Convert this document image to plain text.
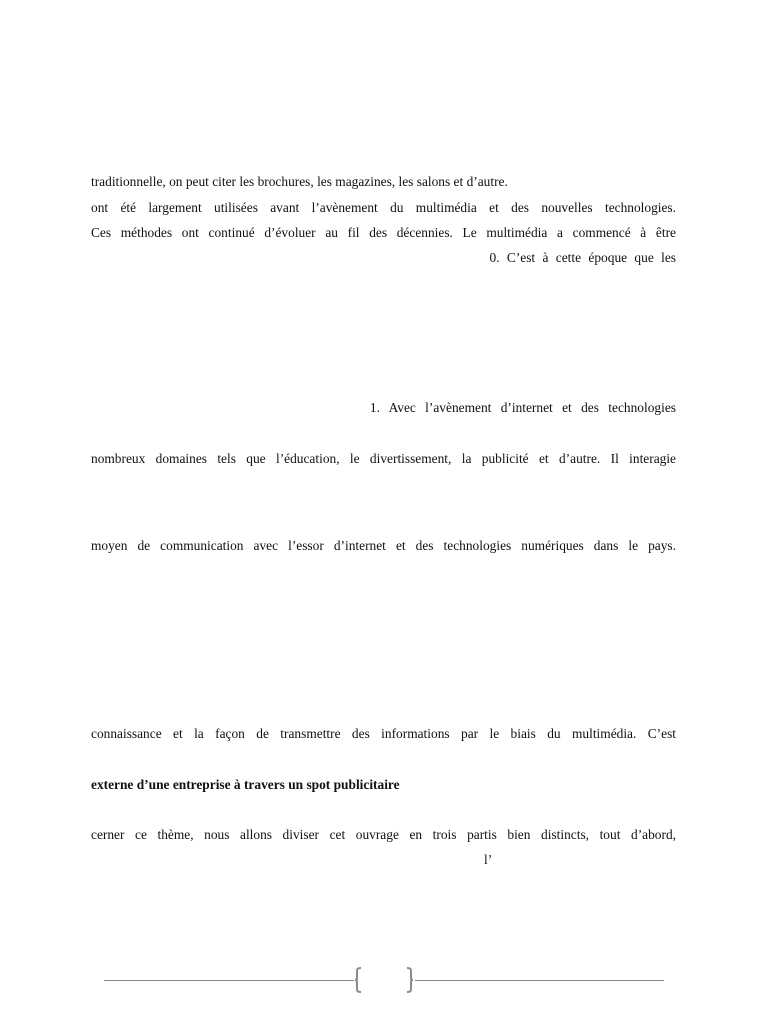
traditionnelle, on peut citer les brochures, les magazines, les salons et d’autre.
ont été largement utilisées avant l’avènement du multimédia et des nouvelles technologies.
Ces méthodes ont continué d’évoluer au fil des décennies. Le multimédia a commencé à être
0. C’est à cette époque que les
1. Avec l’avènement d’internet et des technologies
nombreux domaines tels que l’éducation, le divertissement, la publicité et d’autre. Il interagie
moyen de communication avec l’essor d’internet et des technologies numériques dans le pays.
connaissance et la façon de transmettre des informations par le biais du multimédia. C’est
externe d’une entreprise à travers un spot publicitaire
cerner ce thème, nous allons diviser cet ouvrage en trois partis bien distincts, tout d’abord,
l’
